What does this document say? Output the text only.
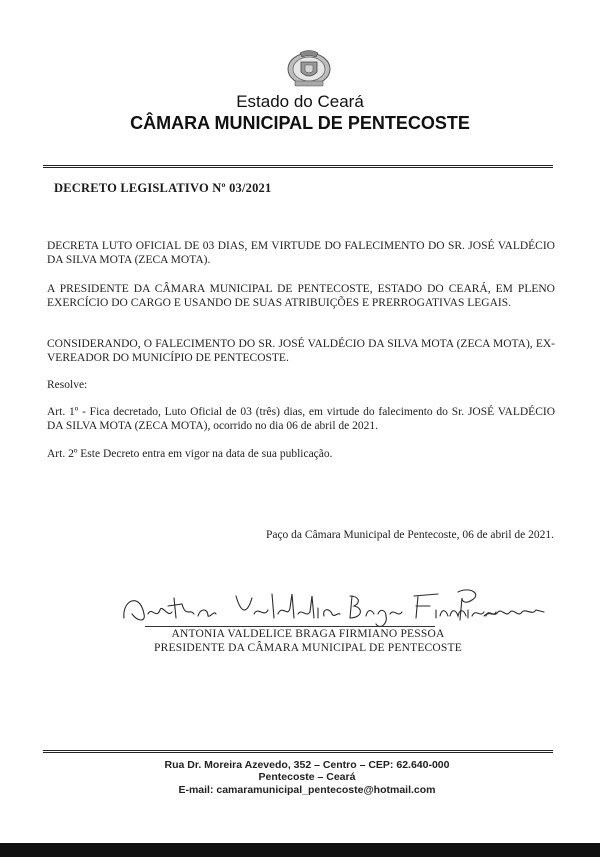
Estado do Ceará
CÂMARA MUNICIPAL DE PENTECOSTE
DECRETO LEGISLATIVO Nº 03/2021
DECRETA LUTO OFICIAL DE 03 DIAS, EM VIRTUDE DO FALECIMENTO DO SR. JOSÉ VALDÉCIO DA SILVA MOTA (ZECA MOTA).
A PRESIDENTE DA CÂMARA MUNICIPAL DE PENTECOSTE, ESTADO DO CEARÁ, EM PLENO EXERCÍCIO DO CARGO E USANDO DE SUAS ATRIBUIÇÕES E PRERROGATIVAS LEGAIS.
CONSIDERANDO, O FALECIMENTO DO SR. JOSÉ VALDÉCIO DA SILVA MOTA (ZECA MOTA), EX-VEREADOR DO MUNICÍPIO DE PENTECOSTE.
Resolve:
Art. 1º - Fica decretado, Luto Oficial de 03 (três) dias, em virtude do falecimento do Sr. JOSÉ VALDÉCIO DA SILVA MOTA (ZECA MOTA), ocorrido no dia 06 de abril de 2021.
Art. 2º Este Decreto entra em vigor na data de sua publicação.
Paço da Câmara Municipal de Pentecoste, 06 de abril de 2021.
ANTONIA VALDELICE BRAGA FIRMIANO PESSOA
PRESIDENTE DA CÂMARA MUNICIPAL DE PENTECOSTE
Rua Dr. Moreira Azevedo, 352 – Centro – CEP: 62.640-000
Pentecoste – Ceará
E-mail: camaramunicipal_pentecoste@hotmail.com
